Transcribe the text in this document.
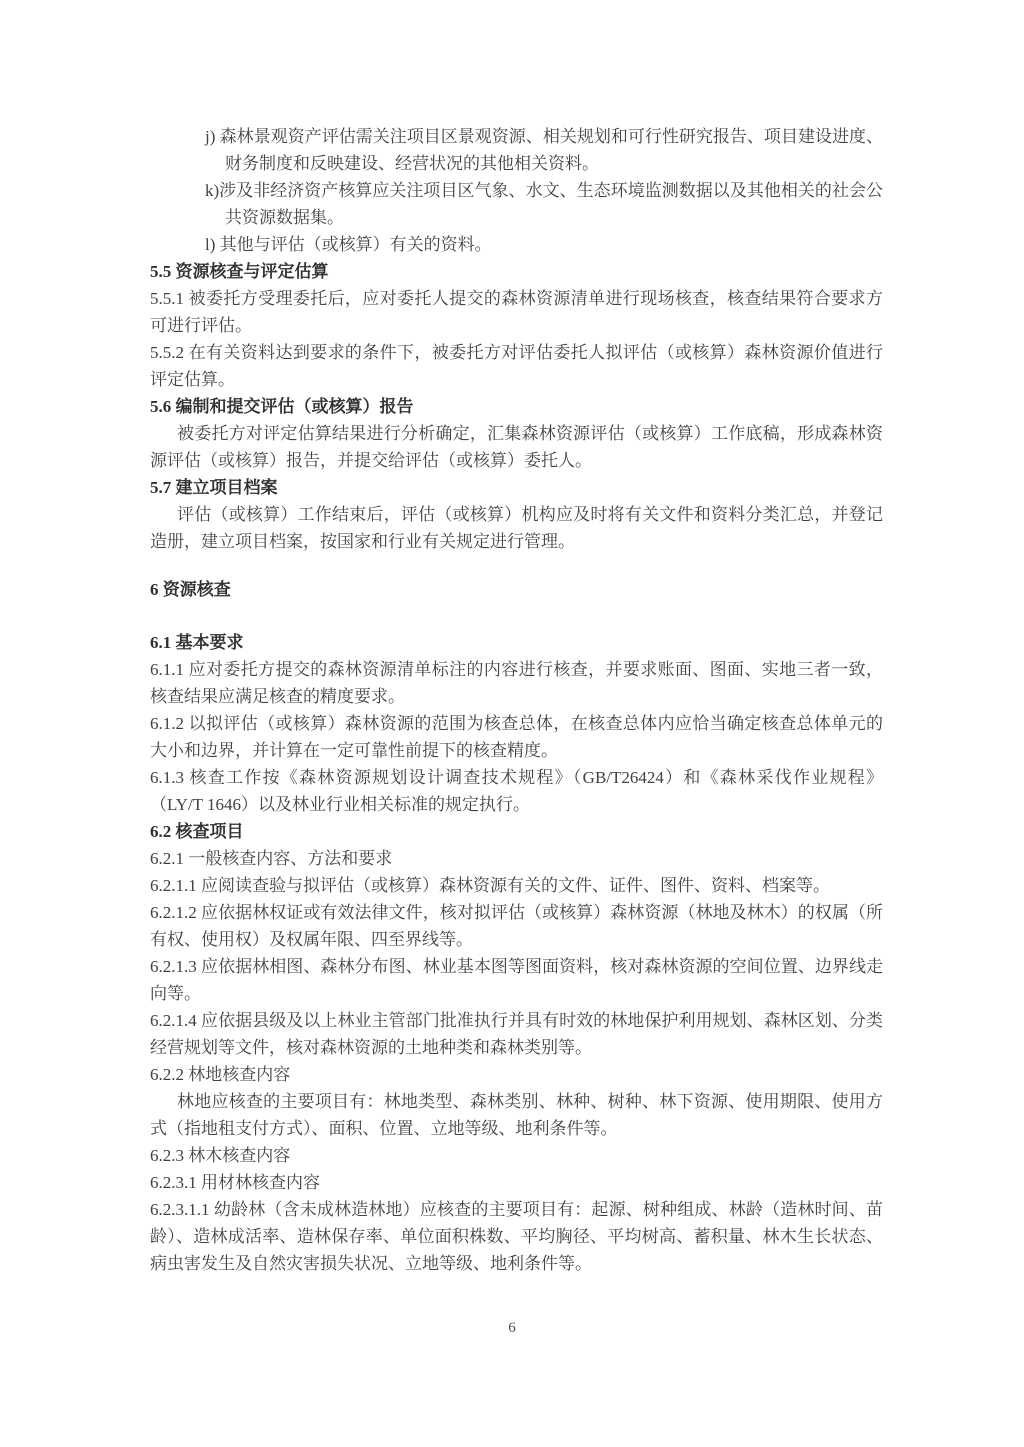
j) 森林景观资产评估需关注项目区景观资源、相关规划和可行性研究报告、项目建设进度、财务制度和反映建设、经营状况的其他相关资料。

k)涉及非经济资产核算应关注项目区气象、水文、生态环境监测数据以及其他相关的社会公共资源数据集。

l) 其他与评估（或核算）有关的资料。

5.5 资源核查与评定估算

5.5.1 被委托方受理委托后，应对委托人提交的森林资源清单进行现场核查，核查结果符合要求方可进行评估。

5.5.2 在有关资料达到要求的条件下，被委托方对评估委托人拟评估（或核算）森林资源价值进行评定估算。

5.6 编制和提交评估（或核算）报告

被委托方对评定估算结果进行分析确定，汇集森林资源评估（或核算）工作底稿，形成森林资源评估（或核算）报告，并提交给评估（或核算）委托人。

5.7 建立项目档案

评估（或核算）工作结束后，评估（或核算）机构应及时将有关文件和资料分类汇总，并登记造册，建立项目档案，按国家和行业有关规定进行管理。

6 资源核查

6.1 基本要求

6.1.1 应对委托方提交的森林资源清单标注的内容进行核查，并要求账面、图面、实地三者一致，核查结果应满足核查的精度要求。

6.1.2 以拟评估（或核算）森林资源的范围为核查总体，在核查总体内应恰当确定核查总体单元的大小和边界，并计算在一定可靠性前提下的核查精度。

6.1.3 核查工作按《森林资源规划设计调查技术规程》（GB/T26424）和《森林采伐作业规程》（LY/T 1646）以及林业行业相关标准的规定执行。

6.2 核查项目

6.2.1 一般核查内容、方法和要求

6.2.1.1 应阅读查验与拟评估（或核算）森林资源有关的文件、证件、图件、资料、档案等。

6.2.1.2 应依据林权证或有效法律文件，核对拟评估（或核算）森林资源（林地及林木）的权属（所有权、使用权）及权属年限、四至界线等。

6.2.1.3 应依据林相图、森林分布图、林业基本图等图面资料，核对森林资源的空间位置、边界线走向等。

6.2.1.4 应依据县级及以上林业主管部门批准执行并具有时效的林地保护利用规划、森林区划、分类经营规划等文件，核对森林资源的土地种类和森林类别等。

6.2.2 林地核查内容

林地应核查的主要项目有：林地类型、森林类别、林种、树种、林下资源、使用期限、使用方式（指地租支付方式）、面积、位置、立地等级、地利条件等。

6.2.3 林木核查内容

6.2.3.1 用材林核查内容

6.2.3.1.1 幼龄林（含未成林造林地）应核查的主要项目有：起源、树种组成、林龄（造林时间、苗龄）、造林成活率、造林保存率、单位面积株数、平均胸径、平均树高、蓄积量、林木生长状态、病虫害发生及自然灾害损失状况、立地等级、地利条件等。

6
